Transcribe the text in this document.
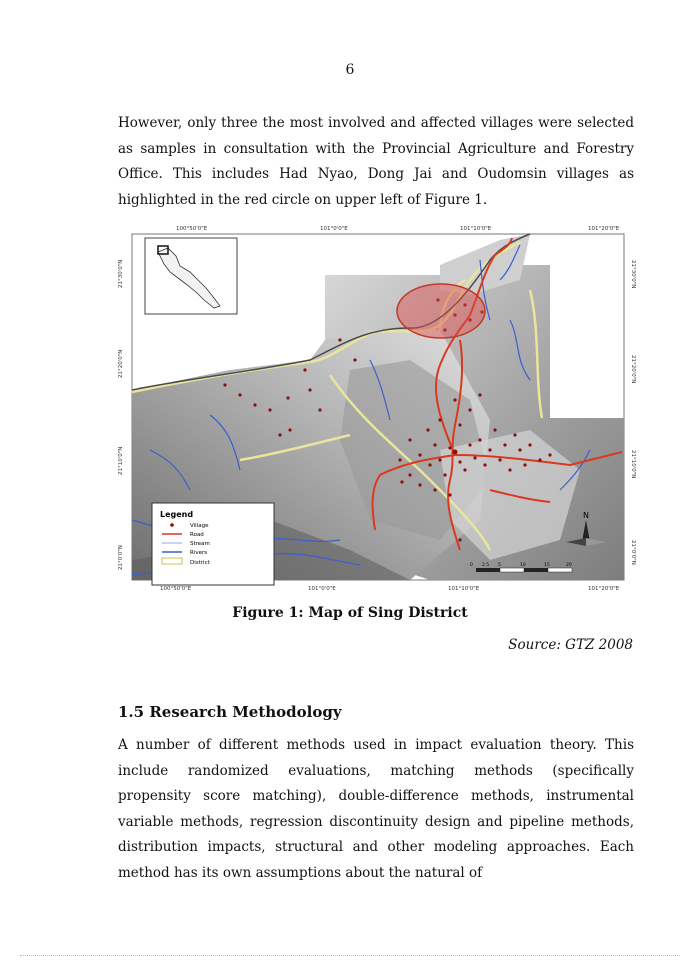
6
However, only three the most involved and affected villages were selected as samples in consultation with the Provincial Agriculture and Forestry Office. This includes Had Nyao, Dong Jai and Oudomsin villages as highlighted in the red circle on upper left of Figure 1.
Legend
Village
Road
Stream
Rivers
District
N
0 2.5 5	10	15	20
100°50'0"E	101°0'0"E	101°10'0"E	101°20'0"E
100°50'0"E	101°0'0"E	101°10'0"E	101°20'0"E
21°30'0"N
21°20'0"N
21°10'0"N
21°0'0"N
21°30'0"N
21°20'0"N
21°10'0"N
21°0'0"N
Figure 1: Map of Sing District
Source: GTZ 2008
1.5 Research Methodology
A number of different methods used in impact evaluation theory. This include randomized evaluations, matching methods (specifically propensity score matching), double-difference methods, instrumental variable methods, regression discontinuity design and pipeline methods, distribution impacts, structural and other modeling approaches. Each method has its own assumptions about the natural of
